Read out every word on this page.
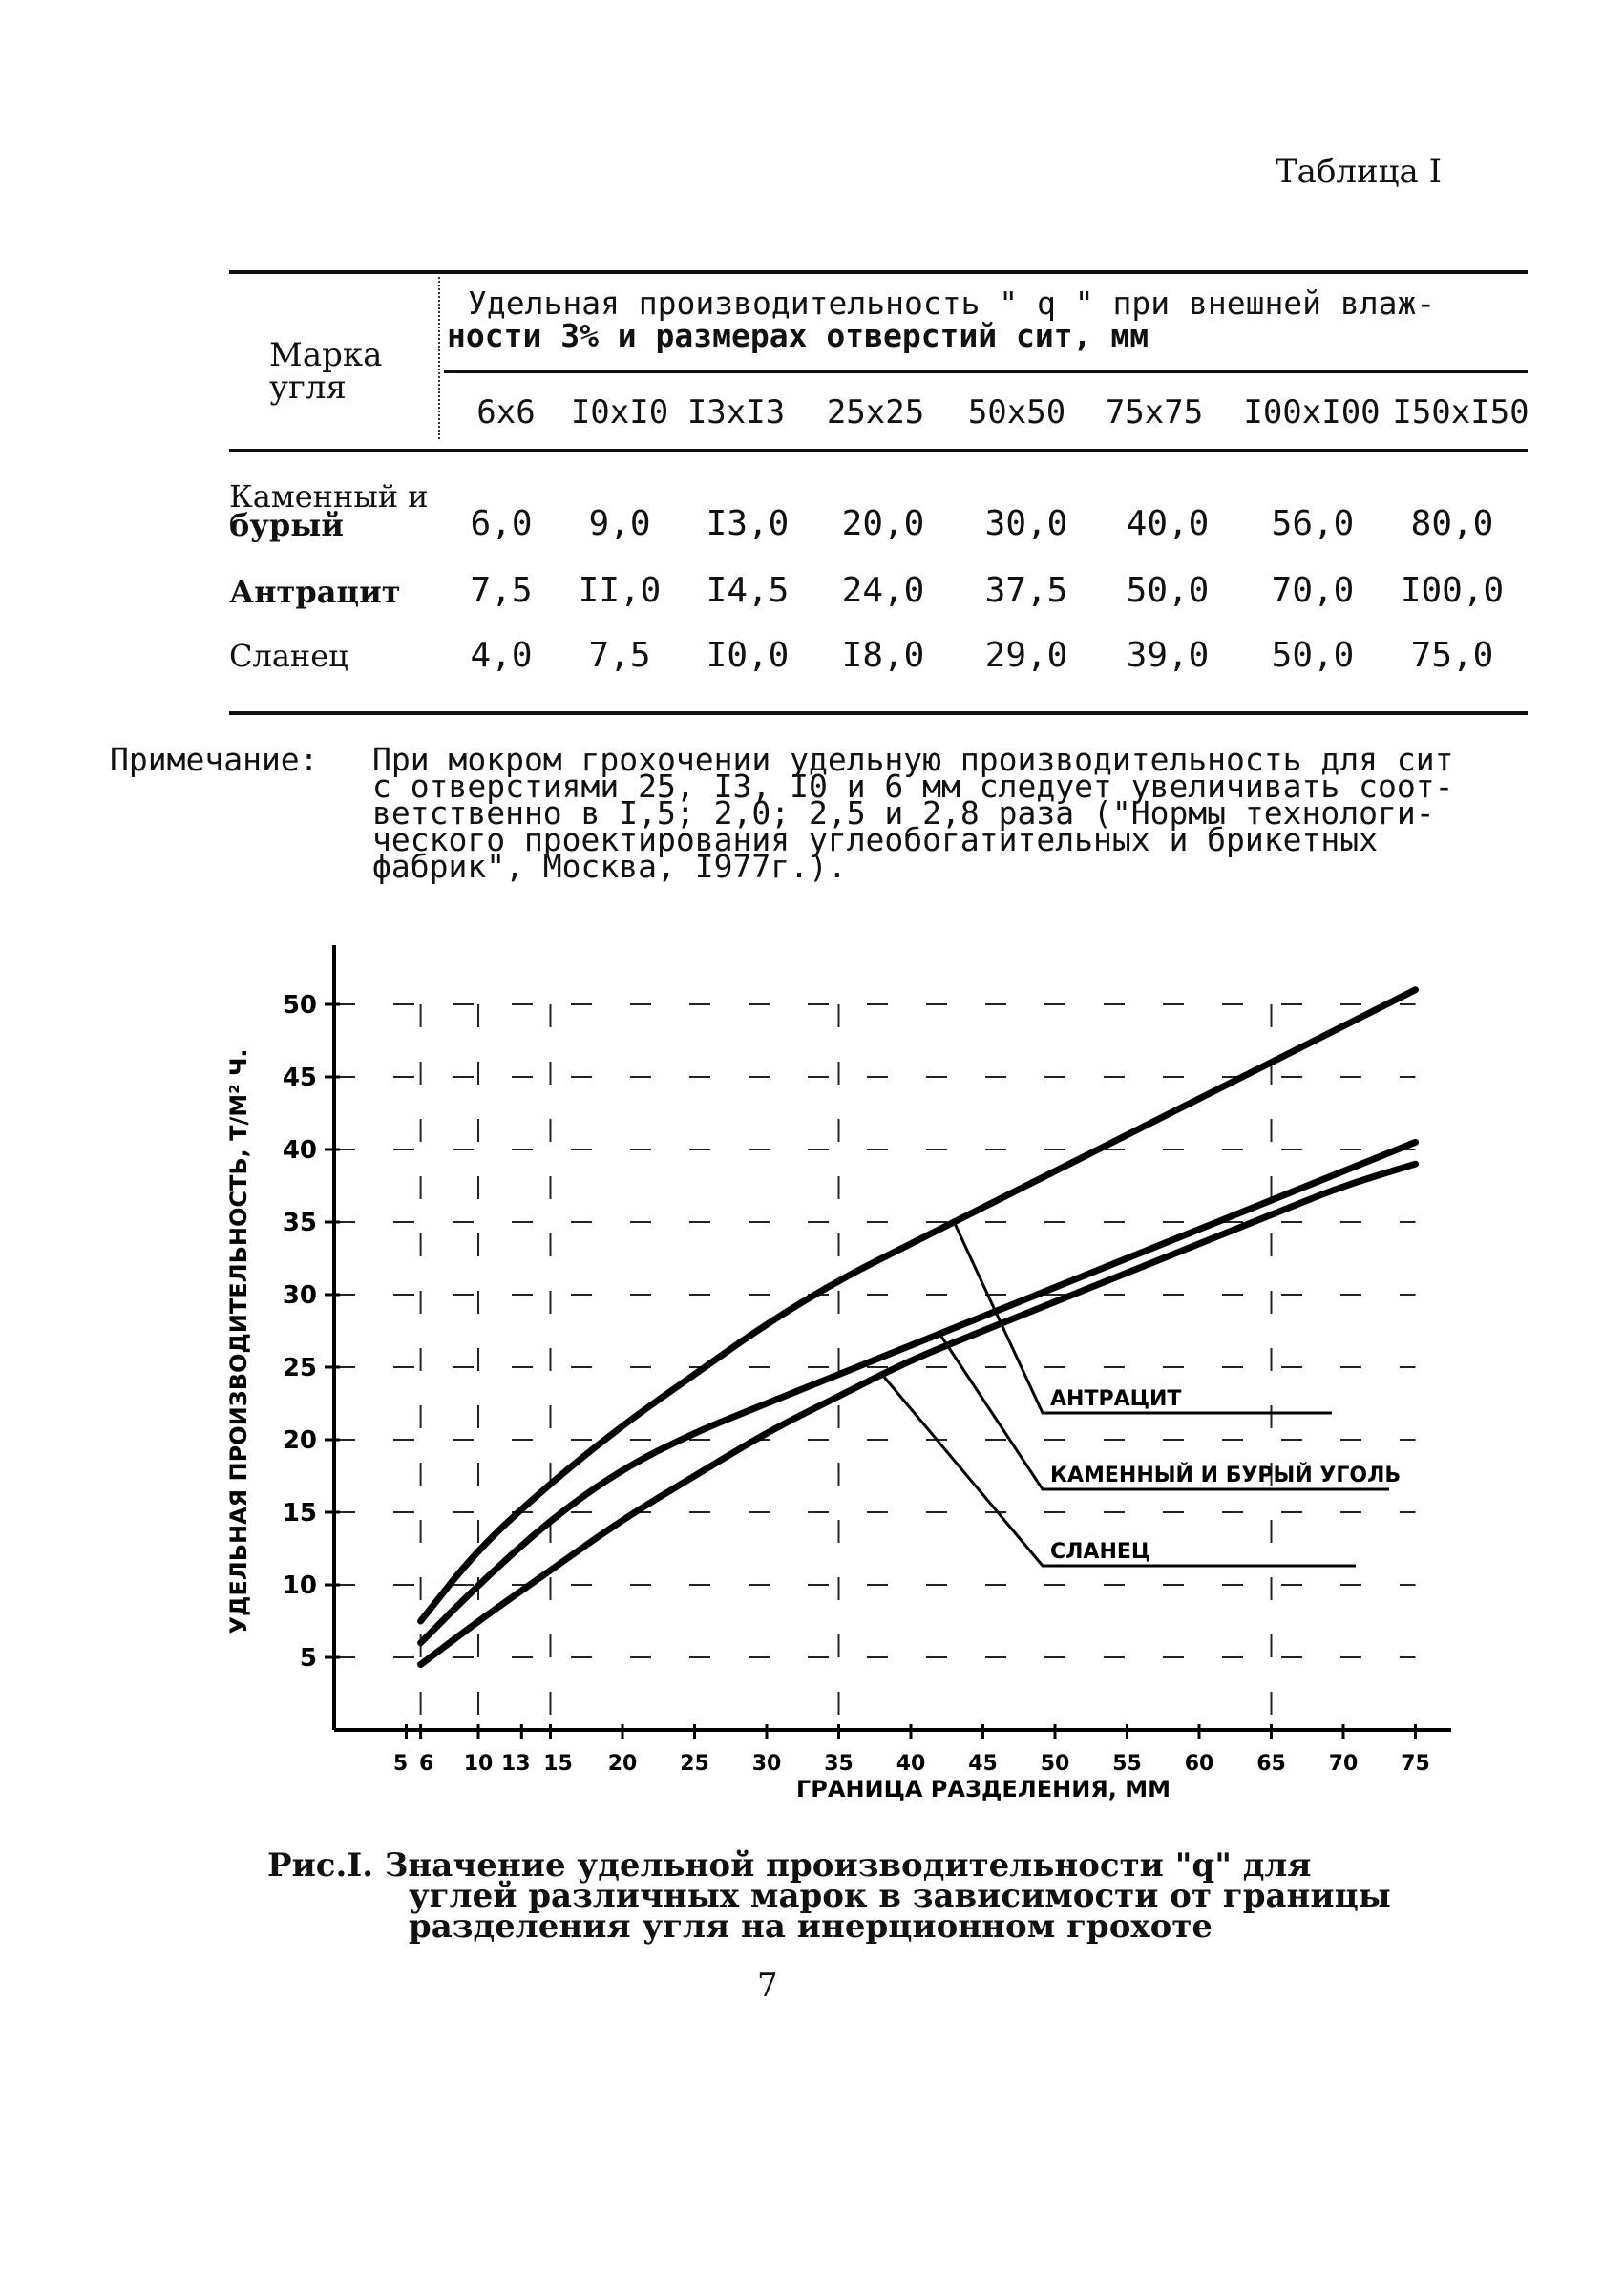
Таблица I
Марка
угля
Удельная производительность " q " при внешней влаж-
ности 3% и размерах отверстий сит, мм
6x6 I0xI0 I3xI3 25x25 50x50 75x75 I00xI00 I50xI50
Каменный и
бурый	6,0	9,0	I3,0	20,0	30,0	40,0	56,0	80,0
Антрацит	7,5	II,0	I4,5	24,0	37,5	50,0	70,0	I00,0
Сланец	4,0	7,5	I0,0	I8,0	29,0	39,0	50,0	75,0
Примечание: При мокром грохочении удельную производительность для сит
с отверстиями 25, I3, I0 и 6 мм следует увеличивать соот-
ветственно в I,5; 2,0; 2,5 и 2,8 раза ("Нормы технологи-
ческого проектирования углеобогатительных и брикетных
фабрик", Москва, I977г.).
5
10
15
20
25
30
35
40
45
50
5 6 10 13 15 20 25 30 35 40 45 50 55 60 65 70 75
АНТРАЦИТ
КАМЕННЫЙ И БУРЫЙ УГОЛЬ
СЛАНЕЦ
УДЕЛЬНАЯ ПРОИЗВОДИТЕЛЬНОСТЬ, Т/М² Ч.
ГРАНИЦА РАЗДЕЛЕНИЯ, ММ
Рис.I. Значение удельной производительности "q" для
углей различных марок в зависимости от границы
разделения угля на инерционном грохоте
7
